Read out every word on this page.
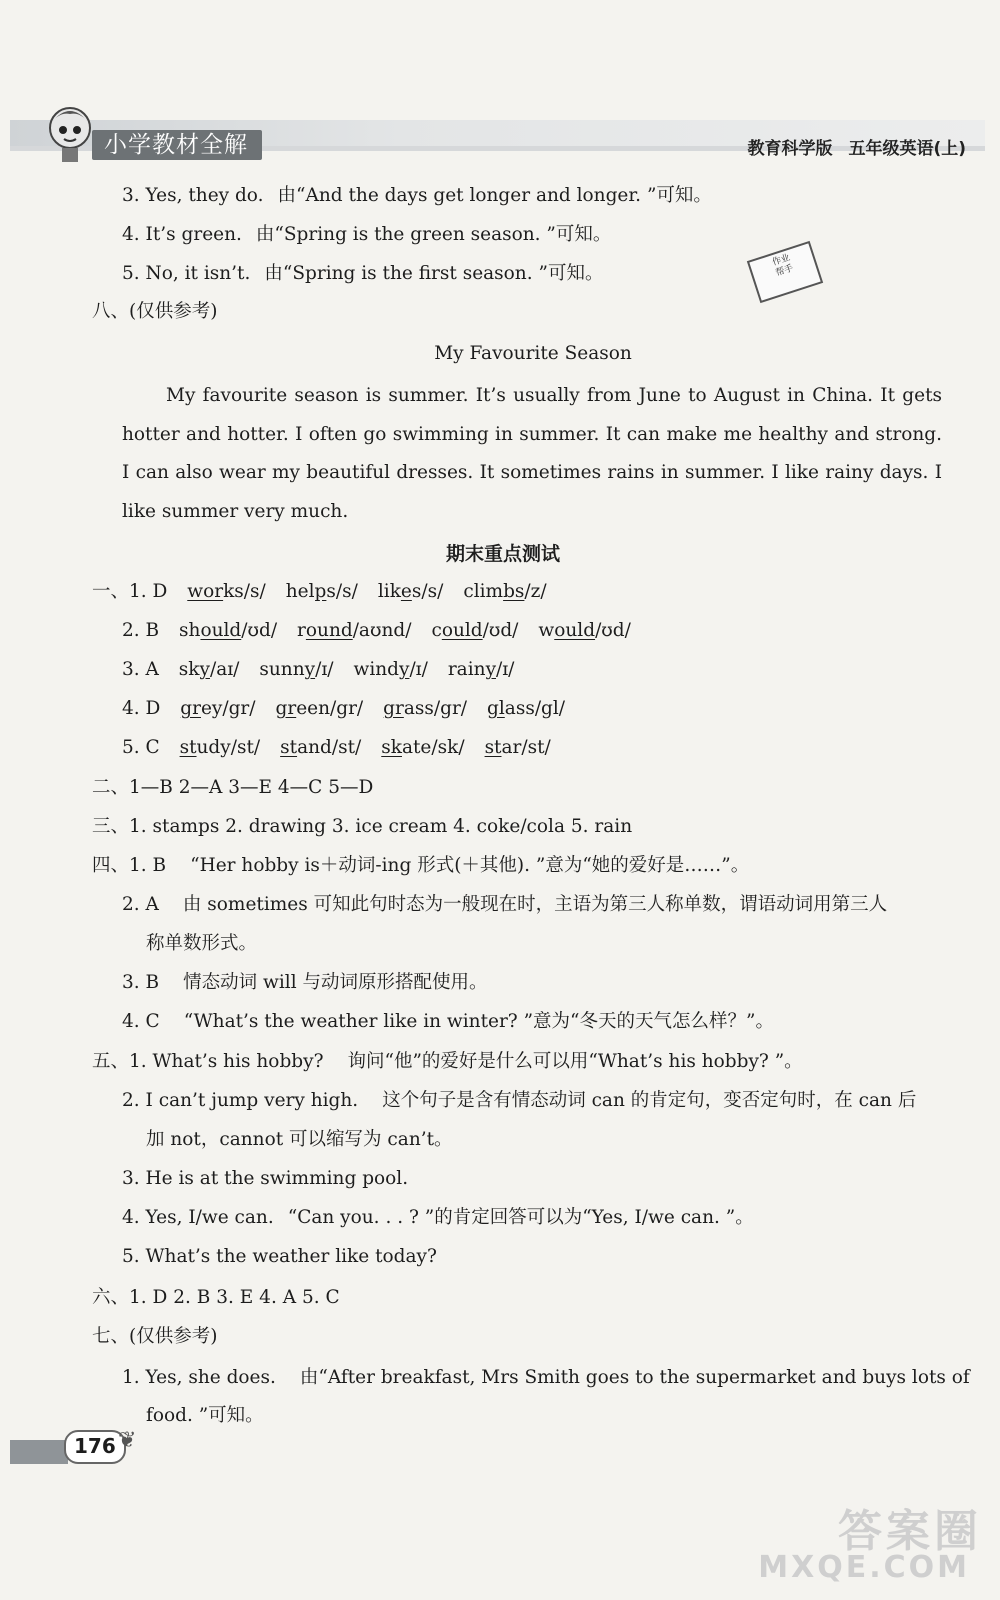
小学教材全解	教育科学版 五年级英语(上)
作业
帮手
3. Yes, they do. 由“And the days get longer and longer. ”可知。
4. It’s green. 由“Spring is the green season. ”可知。
5. No, it isn’t. 由“Spring is the first season. ”可知。
八、(仅供参考)
My Favourite Season
My favourite season is summer. It’s usually from June to August in China. It gets hotter and hotter. I often go swimming in summer. It can make me healthy and strong. I can also wear my beautiful dresses. It sometimes rains in summer. I like rainy days. I like summer very much.
期末重点测试
一、1. D works/s/ helps/s/ likes/s/ climbs/z/
2. B should/ʊd/ round/aʊnd/ could/ʊd/ would/ʊd/
3. A sky/aɪ/ sunny/ɪ/ windy/ɪ/ rainy/ɪ/
4. D grey/gr/ green/gr/ grass/gr/ glass/gl/
5. C study/st/ stand/st/ skate/sk/ star/st/
二、1—B 2—A 3—E 4—C 5—D
三、1. stamps 2. drawing 3. ice cream 4. coke/cola 5. rain
四、1. B “Her hobby is＋动词-ing 形式(＋其他). ”意为“她的爱好是……”。
2. A 由 sometimes 可知此句时态为一般现在时，主语为第三人称单数，谓语动词用第三人
称单数形式。
3. B 情态动词 will 与动词原形搭配使用。
4. C “What’s the weather like in winter? ”意为“冬天的天气怎么样？”。
五、1. What’s his hobby? 询问“他”的爱好是什么可以用“What’s his hobby? ”。
2. I can’t jump very high. 这个句子是含有情态动词 can 的肯定句，变否定句时，在 can 后
加 not，cannot 可以缩写为 can’t。
3. He is at the swimming pool.
4. Yes, I/we can. “Can you. . . ? ”的肯定回答可以为“Yes, I/we can. ”。
5. What’s the weather like today?
六、1. D 2. B 3. E 4. A 5. C
七、(仅供参考)
1. Yes, she does. 由“After breakfast, Mrs Smith goes to the supermarket and buys lots of
food. ”可知。
176 ❦
答案圈
MXQE.COM
